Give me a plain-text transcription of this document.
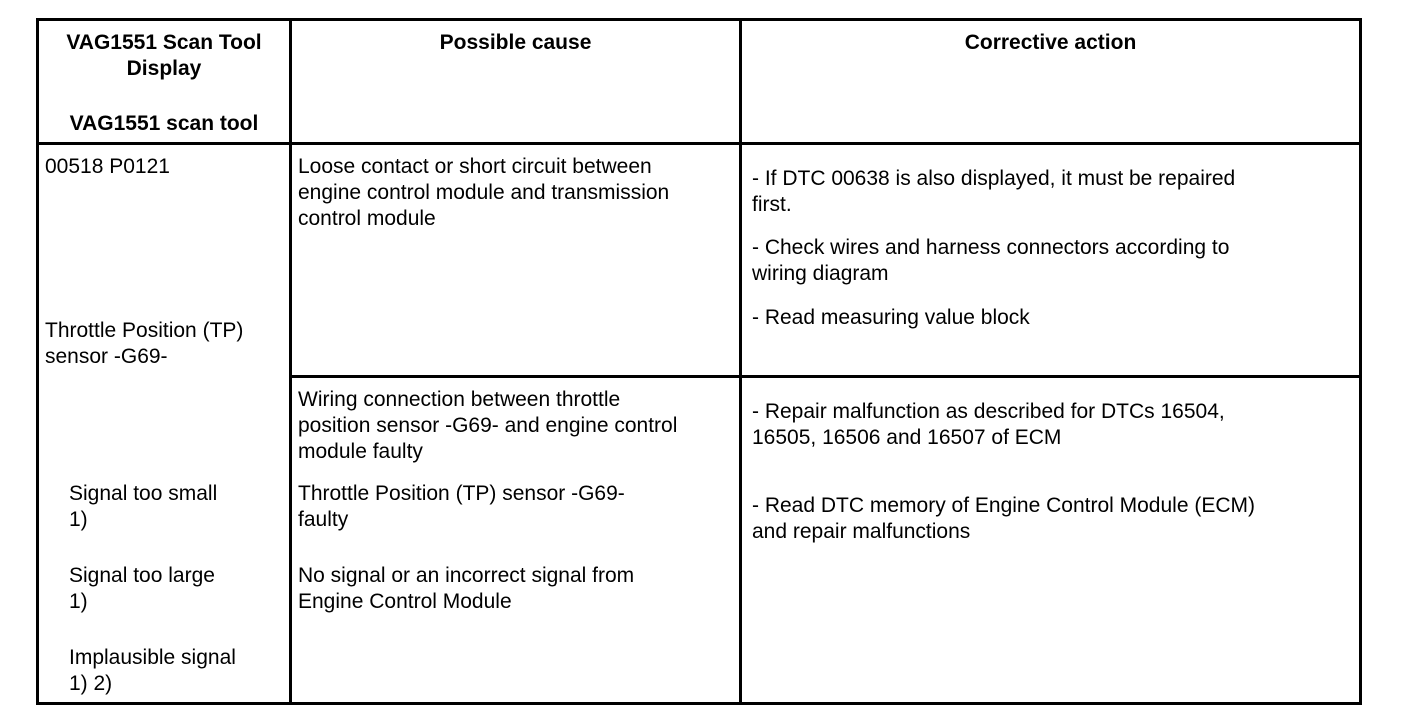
VAG1551 Scan Tool
Display
VAG1551 scan tool
Possible cause	Corrective action
00518 P0121
Throttle Position (TP)
sensor -G69-
Signal too small
1)
Signal too large
1)
Implausible signal
1) 2)
Loose contact or short circuit between
engine control module and transmission
control module
- If DTC 00638 is also displayed, it must be repaired
first.
- Check wires and harness connectors according to
wiring diagram
- Read measuring value block
Wiring connection between throttle
position sensor -G69- and engine control
module faulty
Throttle Position (TP) sensor -G69-
faulty
No signal or an incorrect signal from
Engine Control Module
- Repair malfunction as described for DTCs 16504,
16505, 16506 and 16507 of ECM
- Read DTC memory of Engine Control Module (ECM)
and repair malfunctions
